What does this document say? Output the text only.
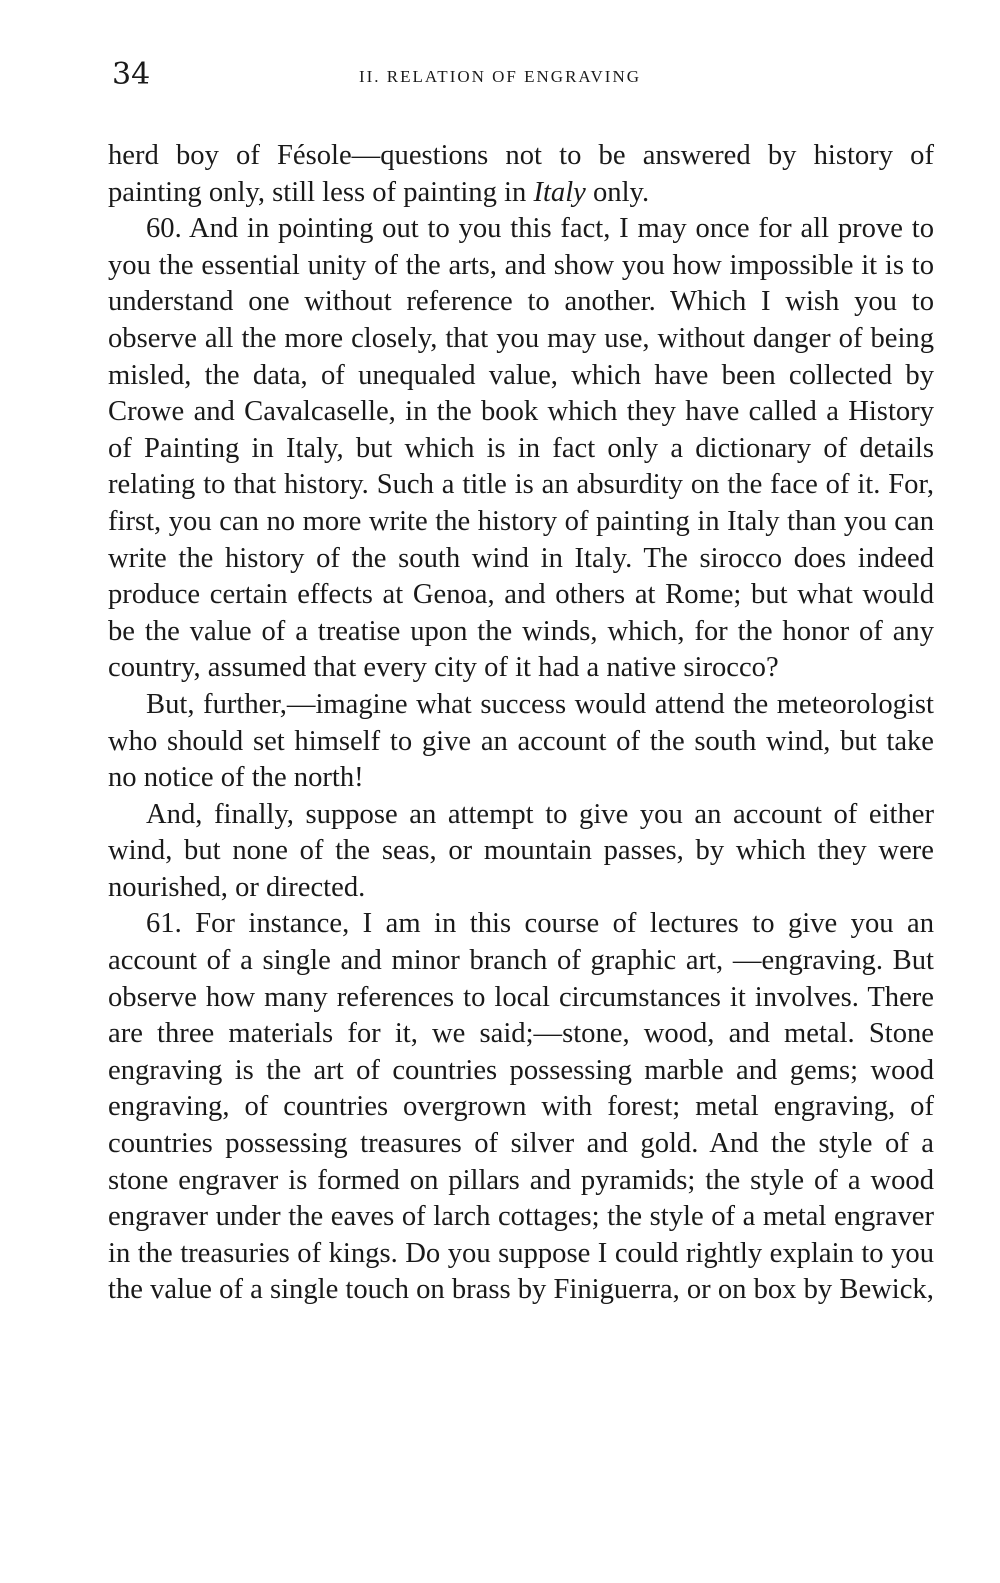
34	II. RELATION OF ENGRAVING

herd boy of Fésole—questions not to be answered by history of painting only, still less of painting in Italy only.

60. And in pointing out to you this fact, I may once for all prove to you the essential unity of the arts, and show you how impossible it is to understand one without reference to another. Which I wish you to observe all the more closely, that you may use, without danger of being misled, the data, of unequaled value, which have been collected by Crowe and Cavalcaselle, in the book which they have called a History of Painting in Italy, but which is in fact only a dictionary of details relating to that history. Such a title is an absurdity on the face of it. For, first, you can no more write the history of painting in Italy than you can write the history of the south wind in Italy. The sirocco does indeed produce certain effects at Genoa, and others at Rome; but what would be the value of a treatise upon the winds, which, for the honor of any country, assumed that every city of it had a native sirocco?

But, further,—imagine what success would attend the meteorologist who should set himself to give an account of the south wind, but take no notice of the north!

And, finally, suppose an attempt to give you an account of either wind, but none of the seas, or mountain passes, by which they were nourished, or directed.

61. For instance, I am in this course of lectures to give you an account of a single and minor branch of graphic art, —engraving. But observe how many references to local circumstances it involves. There are three materials for it, we said;—stone, wood, and metal. Stone engraving is the art of countries possessing marble and gems; wood engraving, of countries overgrown with forest; metal engraving, of countries possessing treasures of silver and gold. And the style of a stone engraver is formed on pillars and pyramids; the style of a wood engraver under the eaves of larch cottages; the style of a metal engraver in the treasuries of kings. Do you suppose I could rightly explain to you the value of a single touch on brass by Finiguerra, or on box by Bewick,
